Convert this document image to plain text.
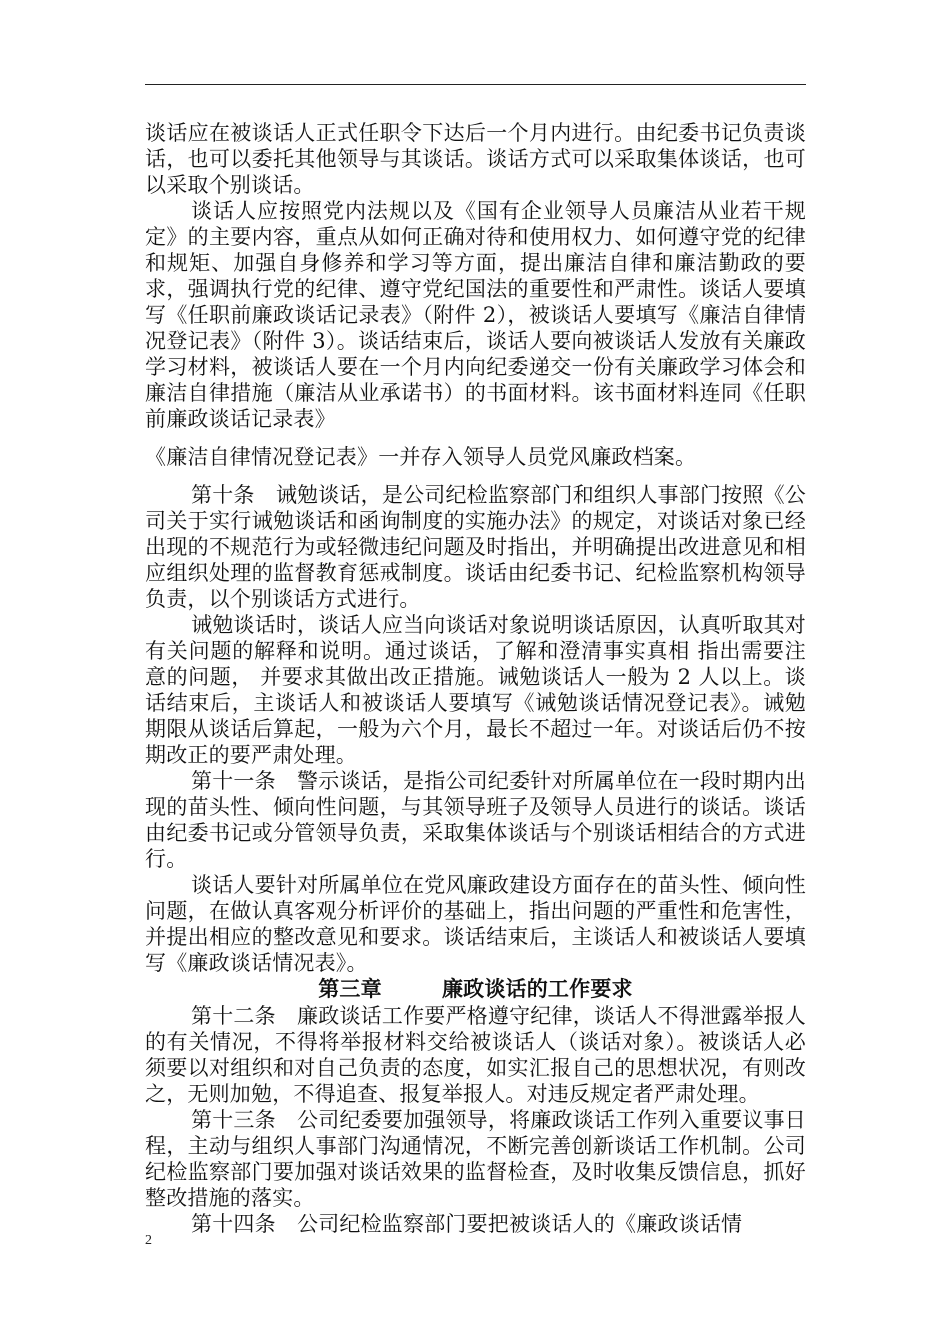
谈话应在被谈话人正式任职令下达后一个月内进行。由纪委书记负责谈话，也可以委托其他领导与其谈话。谈话方式可以采取集体谈话，也可以采取个别谈话。

谈话人应按照党内法规以及《国有企业领导人员廉洁从业若干规定》的主要内容，重点从如何正确对待和使用权力、如何遵守党的纪律和规矩、加强自身修养和学习等方面，提出廉洁自律和廉洁勤政的要求，强调执行党的纪律、遵守党纪国法的重要性和严肃性。谈话人要填写《任职前廉政谈话记录表》（附件 2），被谈话人要填写《廉洁自律情况登记表》（附件 3）。谈话结束后，谈话人要向被谈话人发放有关廉政学习材料，被谈话人要在一个月内向纪委递交一份有关廉政学习体会和廉洁自律措施（廉洁从业承诺书）的书面材料。该书面材料连同《任职前廉政谈话记录表》

《廉洁自律情况登记表》一并存入领导人员党风廉政档案。

第十条　诫勉谈话，是公司纪检监察部门和组织人事部门按照《公司关于实行诫勉谈话和函询制度的实施办法》的规定，对谈话对象已经出现的不规范行为或轻微违纪问题及时指出，并明确提出改进意见和相应组织处理的监督教育惩戒制度。谈话由纪委书记、纪检监察机构领导负责，以个别谈话方式进行。

诫勉谈话时，谈话人应当向谈话对象说明谈话原因，认真听取其对有关问题的解释和说明。通过谈话，了解和澄清事实真相 指出需要注意的问题， 并要求其做出改正措施。诫勉谈话人一般为 2 人以上。谈话结束后，主谈话人和被谈话人要填写《诫勉谈话情况登记表》。诫勉期限从谈话后算起，一般为六个月，最长不超过一年。对谈话后仍不按期改正的要严肃处理。

第十一条　警示谈话，是指公司纪委针对所属单位在一段时期内出现的苗头性、倾向性问题，与其领导班子及领导人员进行的谈话。谈话由纪委书记或分管领导负责，采取集体谈话与个别谈话相结合的方式进行。

谈话人要针对所属单位在党风廉政建设方面存在的苗头性、倾向性问题，在做认真客观分析评价的基础上，指出问题的严重性和危害性，并提出相应的整改意见和要求。谈话结束后，主谈话人和被谈话人要填写《廉政谈话情况表》。

第三章	廉政谈话的工作要求

第十二条　廉政谈话工作要严格遵守纪律，谈话人不得泄露举报人的有关情况，不得将举报材料交给被谈话人（谈话对象）。被谈话人必须要以对组织和对自己负责的态度，如实汇报自己的思想状况，有则改之，无则加勉，不得追查、报复举报人。对违反规定者严肃处理。

第十三条　公司纪委要加强领导，将廉政谈话工作列入重要议事日程，主动与组织人事部门沟通情况，不断完善创新谈话工作机制。公司纪检监察部门要加强对谈话效果的监督检查，及时收集反馈信息，抓好整改措施的落实。

第十四条　公司纪检监察部门要把被谈话人的《廉政谈话情

2
